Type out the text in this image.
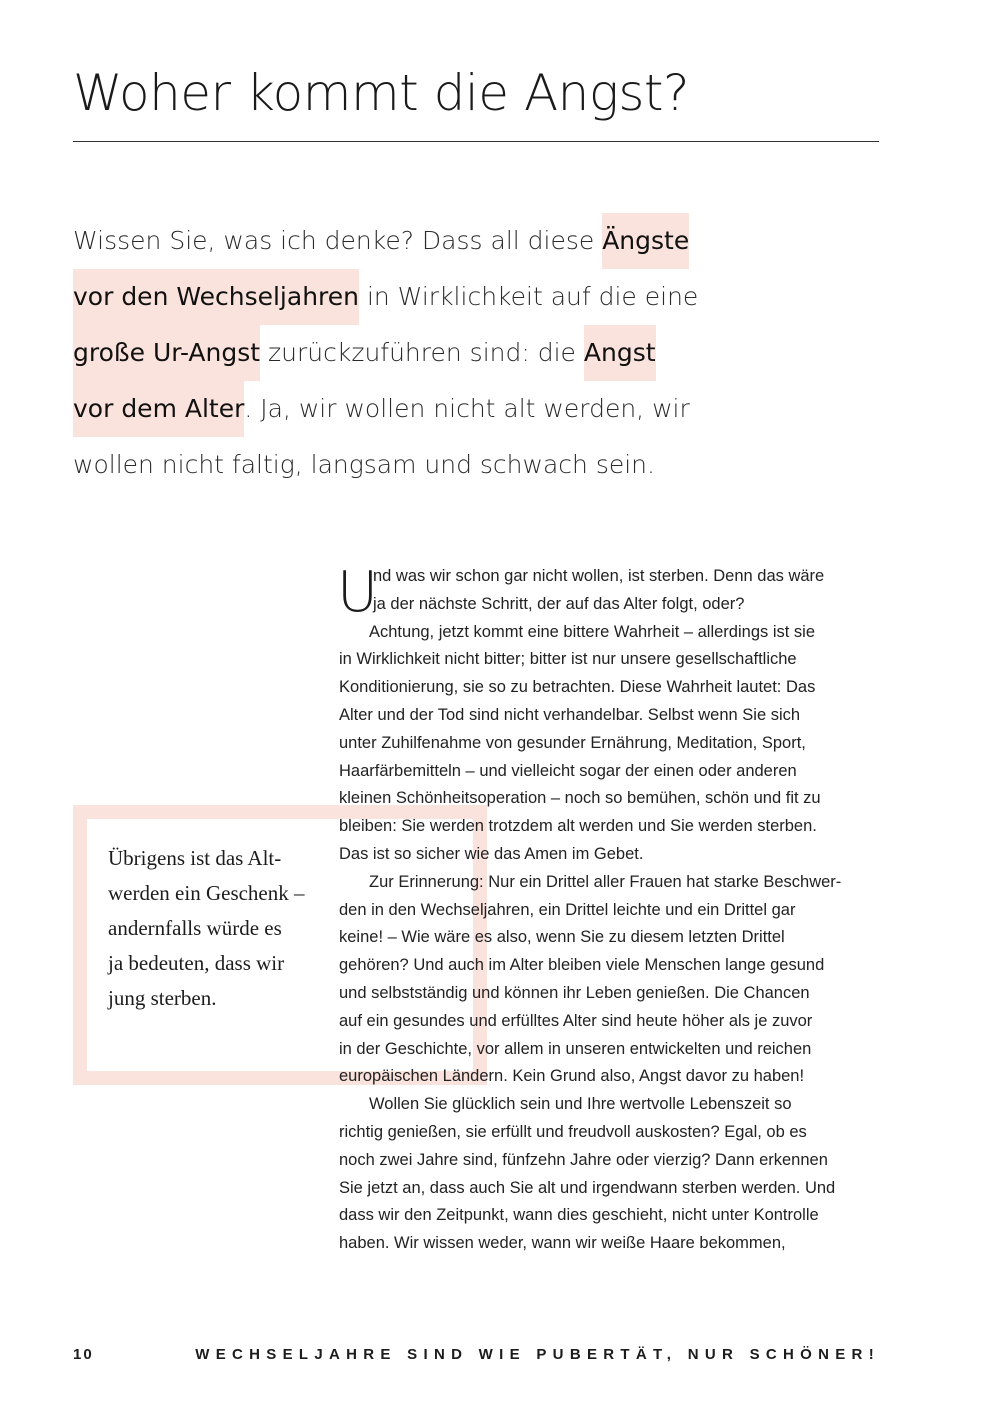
Woher kommt die Angst?
Wissen Sie, was ich denke? Dass all diese Ängste
vor den Wechseljahren in Wirklichkeit auf die eine
große Ur-Angst zurückzuführen sind: die Angst
vor dem Alter. Ja, wir wollen nicht alt werden, wir
wollen nicht faltig, langsam und schwach sein.
Übrigens ist das Alt-
werden ein Geschenk –
andernfalls würde es
ja bedeuten, dass wir
jung sterben.
U
nd was wir schon gar nicht wollen, ist sterben. Denn das wäre
ja der nächste Schritt, der auf das Alter folgt, oder?
Achtung, jetzt kommt eine bittere Wahrheit – allerdings ist sie
in Wirklichkeit nicht bitter; bitter ist nur unsere gesellschaftliche
Konditionierung, sie so zu betrachten. Diese Wahrheit lautet: Das
Alter und der Tod sind nicht verhandelbar. Selbst wenn Sie sich
unter Zuhilfenahme von gesunder Ernährung, Meditation, Sport,
Haarfärbemitteln – und vielleicht sogar der einen oder anderen
kleinen Schönheitsoperation – noch so bemühen, schön und fit zu
bleiben: Sie werden trotzdem alt werden und Sie werden sterben.
Das ist so sicher wie das Amen im Gebet.
Zur Erinnerung: Nur ein Drittel aller Frauen hat starke Beschwer-
den in den Wechseljahren, ein Drittel leichte und ein Drittel gar
keine! – Wie wäre es also, wenn Sie zu diesem letzten Drittel
gehören? Und auch im Alter bleiben viele Menschen lange gesund
und selbstständig und können ihr Leben genießen. Die Chancen
auf ein gesundes und erfülltes Alter sind heute höher als je zuvor
in der Geschichte, vor allem in unseren entwickelten und reichen
europäischen Ländern. Kein Grund also, Angst davor zu haben!
Wollen Sie glücklich sein und Ihre wertvolle Lebenszeit so
richtig genießen, sie erfüllt und freudvoll auskosten? Egal, ob es
noch zwei Jahre sind, fünfzehn Jahre oder vierzig? Dann erkennen
Sie jetzt an, dass auch Sie alt und irgendwann sterben werden. Und
dass wir den Zeitpunkt, wann dies geschieht, nicht unter Kontrolle
haben. Wir wissen weder, wann wir weiße Haare bekommen,
10	WECHSELJAHRE SIND WIE PUBERTÄT, NUR SCHÖNER!
